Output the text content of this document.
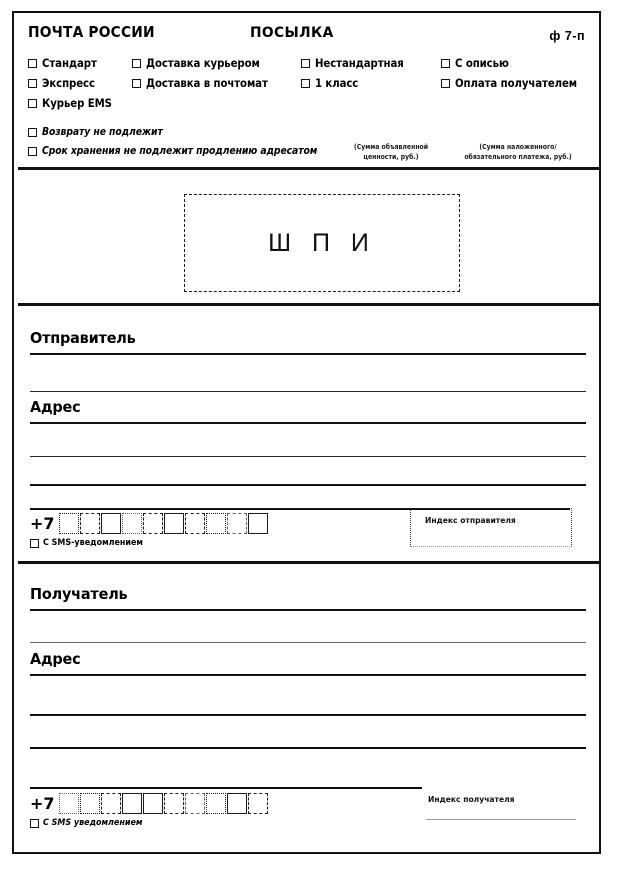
ПОЧТА РОССИИ	ПОСЫЛКА	ф 7-п
Стандарт
Экспресс
Курьер EMS
Доставка курьером
Доставка в почтомат
Нестандартная
1 класс
С описью
Оплата получателем
Возврату не подлежит
Срок хранения не подлежит продлению адресатом	(Сумма объявленной
ценности, руб.)
(Сумма наложенного/
обязательного платежа, руб.)
Ш П И
Отправитель
Адрес
+7	Индекс отправителя
С SMS-уведомлением
Получатель
Адрес
+7	Индекс получателя
С SMS уведомлением
